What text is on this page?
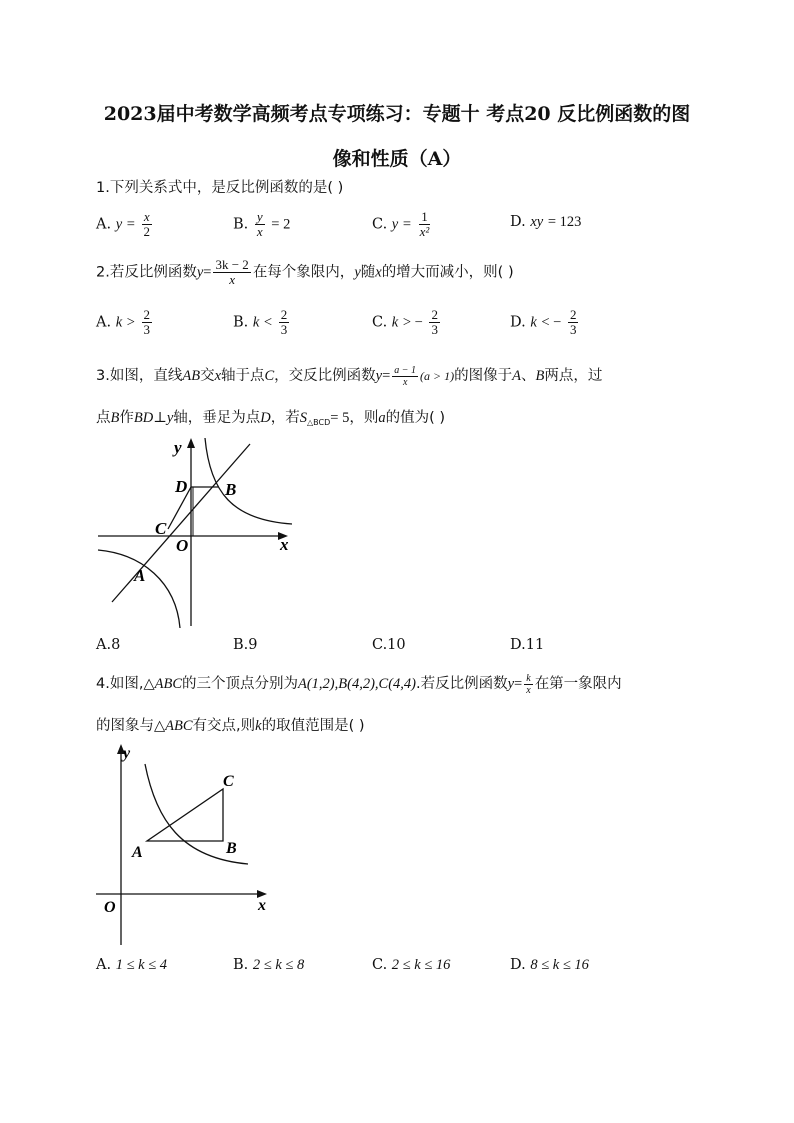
2023届中考数学高频考点专项练习：专题十 考点20 反比例函数的图
像和性质（A）
1.下列关系式中，是反比例函数的是( )
A. $y = \frac{x}{2}$	B. $\frac{y}{x} = 2$	C. $y = \frac{1}{\text{x²}}$	D. xy = 123
2.若反比例函数$y= \frac{3k - 2}{x}$ 在每个象限内，y随x的增大而减小，则( )
A. $k > \frac{2}{3}$	B. $k < \frac{2}{3}$	C. k > − $\frac{2}{3}$	D. k < − $\frac{2}{3}$
3.如图，直线AB交x轴于点C，交反比例函数$y= \frac{a - 1}{x} (a > 1)$的图像于A、B两点，过
点B作BD⊥y轴，垂足为点D，若$S_{\triangle BCD}= 5$，则a的值为( )
y
x
O
A
B
C
D
A.8	B.9	C.10	D.11
4.如图,△ABC的三个顶点分别为A(1,2),B(4,2),C(4,4).若反比例函数$y= \frac{k}{x}$ 在第一象限内
的图象与△ABC有交点,则k的取值范围是( )
y
x
O
A	B
C
A. 1 ≤ k ≤ 4	B. 2 ≤ k ≤ 8	C. 2 ≤ k ≤ 16	D. 8 ≤ k ≤ 16
